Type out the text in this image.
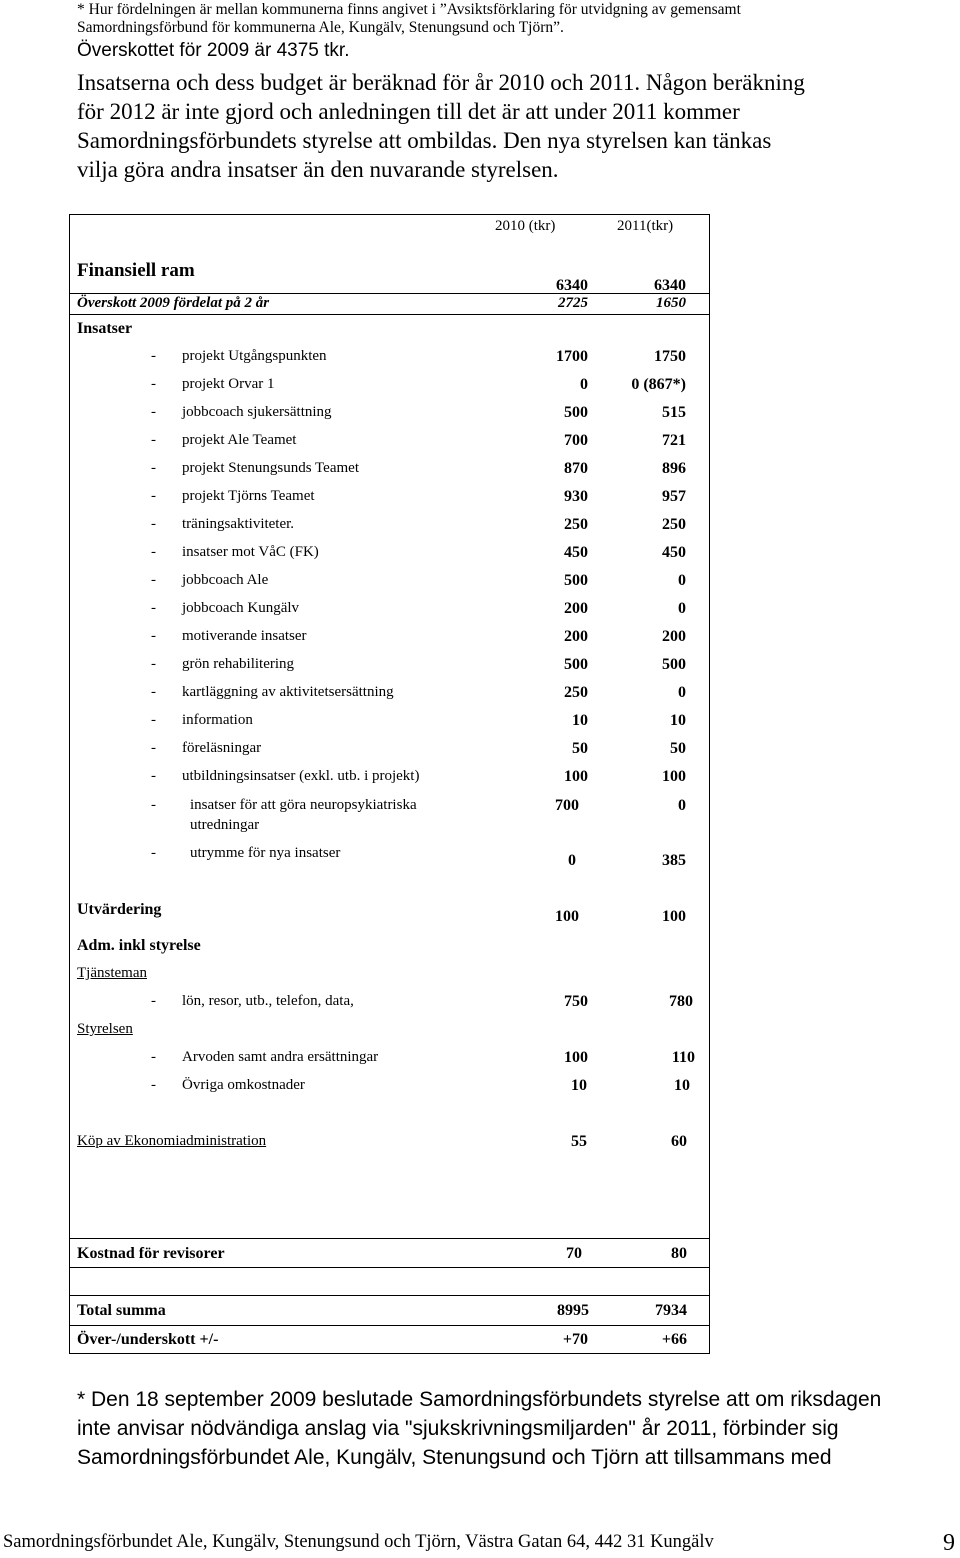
* Hur fördelningen är mellan kommunerna finns angivet i ”Avsiktsförklaring för utvidgning av gemensamt
Samordningsförbund för kommunerna Ale, Kungälv, Stenungsund och Tjörn”.
Överskottet för 2009 är 4375 tkr.
Insatserna och dess budget är beräknad för år 2010 och 2011. Någon beräkning
för 2012 är inte gjord och anledningen till det är att under 2011 kommer
Samordningsförbundets styrelse att ombildas. Den nya styrelsen kan tänkas
vilja göra andra insatser än den nuvarande styrelsen.
2010 (tkr)	2011(tkr)
Finansiell ram
6340	6340
Överskott 2009 fördelat på 2 år	2725	1650
Insatser
- projekt Utgångspunkten	1700	1750
- projekt Orvar 1	0	0 (867*)
- jobbcoach sjukersättning	500	515
- projekt Ale Teamet	700	721
- projekt Stenungsunds Teamet	870	896
- projekt Tjörns Teamet	930	957
- träningsaktiviteter.	250	250
- insatser mot VåC (FK)	450	450
- jobbcoach Ale	500	0
- jobbcoach Kungälv	200	0
- motiverande insatser	200	200
- grön rehabilitering	500	500
- kartläggning av aktivitetsersättning	250	0
- information	10	10
- föreläsningar	50	50
- utbildningsinsatser (exkl. utb. i projekt)	100	100
- insatser för att göra neuropsykiatriska
utredningar
700	0
- utrymme för nya insatser	0	385
Utvärdering	100	100
Adm. inkl styrelse
Tjänsteman
- lön, resor, utb., telefon, data,	750	780
Styrelsen
- Arvoden samt andra ersättningar	100	110
- Övriga omkostnader	10	10
Köp av Ekonomiadministration	55	60
Kostnad för revisorer	70	80
Total summa	8995	7934
Över-/underskott +/-	+70	+66
* Den 18 september 2009 beslutade Samordningsförbundets styrelse att om riksdagen
inte anvisar nödvändiga anslag via "sjukskrivningsmiljarden" år 2011, förbinder sig
Samordningsförbundet Ale, Kungälv, Stenungsund och Tjörn att tillsammans med
Samordningsförbundet Ale, Kungälv, Stenungsund och Tjörn, Västra Gatan 64, 442 31 Kungälv	9
